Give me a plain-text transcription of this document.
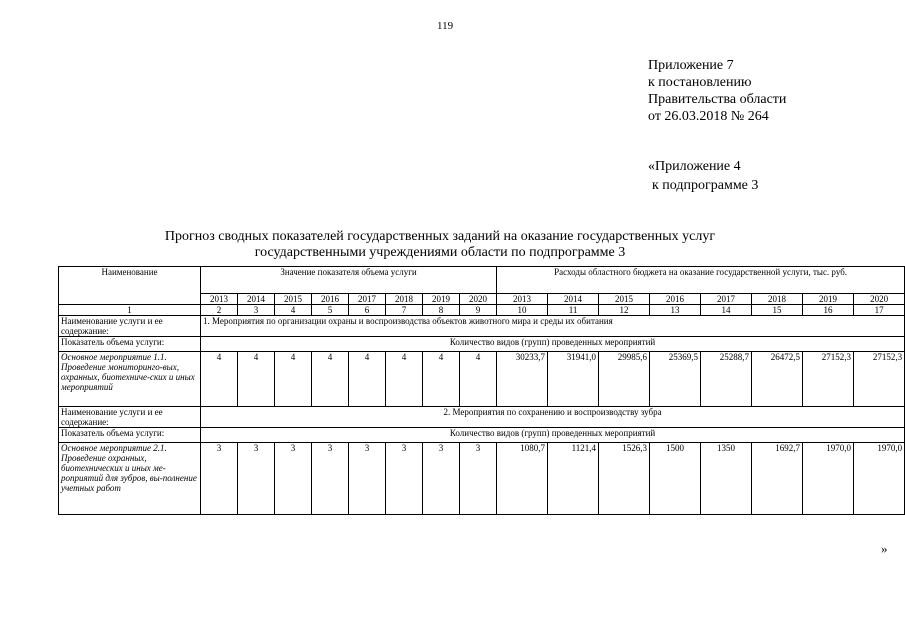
119
Приложение 7
к постановлению
Правительства области
от 26.03.2018 № 264
«Приложение 4
к подпрограмме 3
Прогноз сводных показателей государственных заданий на оказание государственных услуг
государственными учреждениями области по подпрограмме 3
Наименование	Значение показателя объема услуги								Расходы областного бюджета на оказание государственной услуги, тыс. руб.							
	2013	2014	2015	2016	2017	2018	2019	2020	2013	2014	2015	2016	2017	2018	2019	2020
1	2	3	4	5	6	7	8	9	10	11	12	13	14	15	16	17
Наименование услуги и ее содержание:	1. Мероприятия по организации охраны и воспроизводства объектов животного мира и среды их обитания															
Показатель объема услуги:	Количество видов (групп) проведенных мероприятий															
Основное мероприятие 1.1. Проведение мониторинго-вых, охранных, биотехниче-ских и иных мероприятий	4	4	4	4	4	4	4	4	30233,7	31941,0	29985,6	25369,5	25288,7	26472,5	27152,3	27152,3
Наименование услуги и ее содержание:	2. Мероприятия по сохранению и воспроизводству зубра															
Показатель объема услуги:	Количество видов (групп) проведенных мероприятий															
Основное мероприятие 2.1. Проведение охранных, биотехнических и иных ме-роприятий для зубров, вы-полнение учетных работ	3	3	3	3	3	3	3	3	1080,7	1121,4	1526,3	1500	1350	1692,7	1970,0	1970,0
»
